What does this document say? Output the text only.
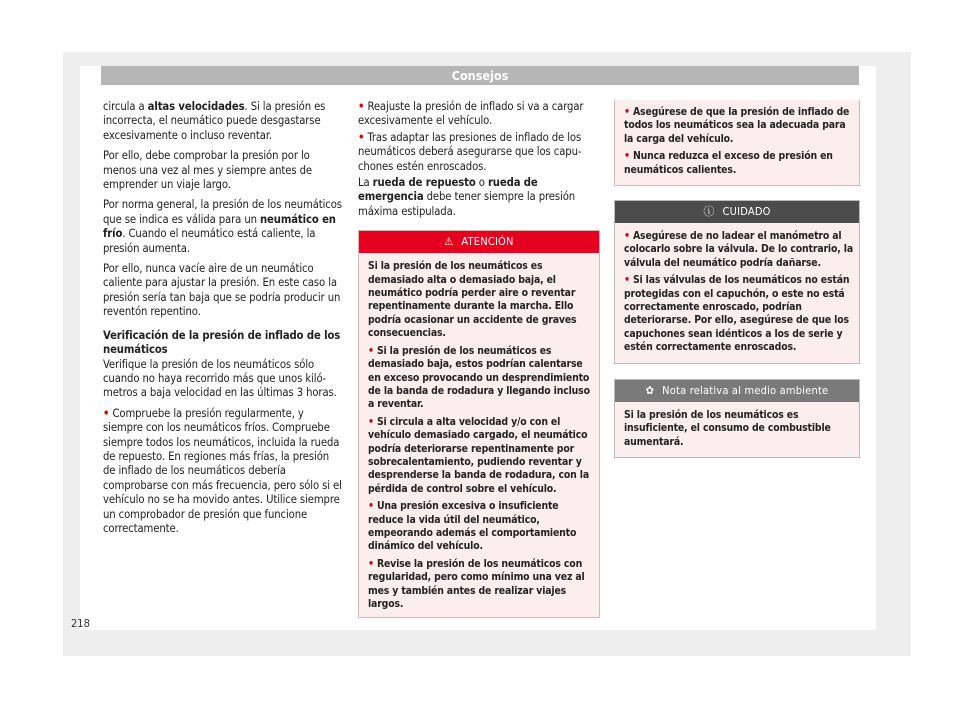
Consejos

circula a altas velocidades. Si la presión es incorrecta, el neumático puede desgastarse excesivamente o incluso reventar.

Por ello, debe comprobar la presión por lo menos una vez al mes y siempre antes de emprender un viaje largo.

Por norma general, la presión de los neumáticos que se indica es válida para un neumático en frío. Cuando el neumático está caliente, la presión aumenta.

Por ello, nunca vacíe aire de un neumático caliente para ajustar la presión. En este caso la presión sería tan baja que se podría producir un reventón repentino.

Verificación de la presión de inflado de los neumáticos

Verifique la presión de los neumáticos sólo cuando no haya recorrido más que unos kilómetros a baja velocidad en las últimas 3 horas.

• Compruebe la presión regularmente, y siempre con los neumáticos fríos. Compruebe siempre todos los neumáticos, incluida la rueda de repuesto. En regiones más frías, la presión de inflado de los neumáticos debería comprobarse con más frecuencia, pero sólo si el vehículo no se ha movido antes. Utilice siempre un comprobador de presión que funcione correctamente.

• Reajuste la presión de inflado si va a cargar excesivamente el vehículo.

• Tras adaptar las presiones de inflado de los neumáticos deberá asegurarse que los capuchones estén enroscados.

La rueda de repuesto o rueda de emergencia debe tener siempre la presión máxima estipulada.

⚠ ATENCIÓN

Si la presión de los neumáticos es demasiado alta o demasiado baja, el neumático podría perder aire o reventar repentinamente durante la marcha. Ello podría ocasionar un accidente de graves consecuencias.

• Si la presión de los neumáticos es demasiado baja, estos podrían calentarse en exceso provocando un desprendimiento de la banda de rodadura y llegando incluso a reventar.

• Si circula a alta velocidad y/o con el vehículo demasiado cargado, el neumático podría deteriorarse repentinamente por sobrecalentamiento, pudiendo reventar y desprenderse la banda de rodadura, con la pérdida de control sobre el vehículo.

• Una presión excesiva o insuficiente reduce la vida útil del neumático, empeorando además el comportamiento dinámico del vehículo.

• Revise la presión de los neumáticos con regularidad, pero como mínimo una vez al mes y también antes de realizar viajes largos.

• Asegúrese de que la presión de inflado de todos los neumáticos sea la adecuada para la carga del vehículo.

• Nunca reduzca el exceso de presión en neumáticos calientes.

ⓘ CUIDADO

• Asegúrese de no ladear el manómetro al colocarlo sobre la válvula. De lo contrario, la válvula del neumático podría dañarse.

• Si las válvulas de los neumáticos no están protegidas con el capuchón, o este no está correctamente enroscado, podrían deteriorarse. Por ello, asegúrese de que los capuchones sean idénticos a los de serie y estén correctamente enroscados.

✿ Nota relativa al medio ambiente

Si la presión de los neumáticos es insuficiente, el consumo de combustible aumentará.

218
